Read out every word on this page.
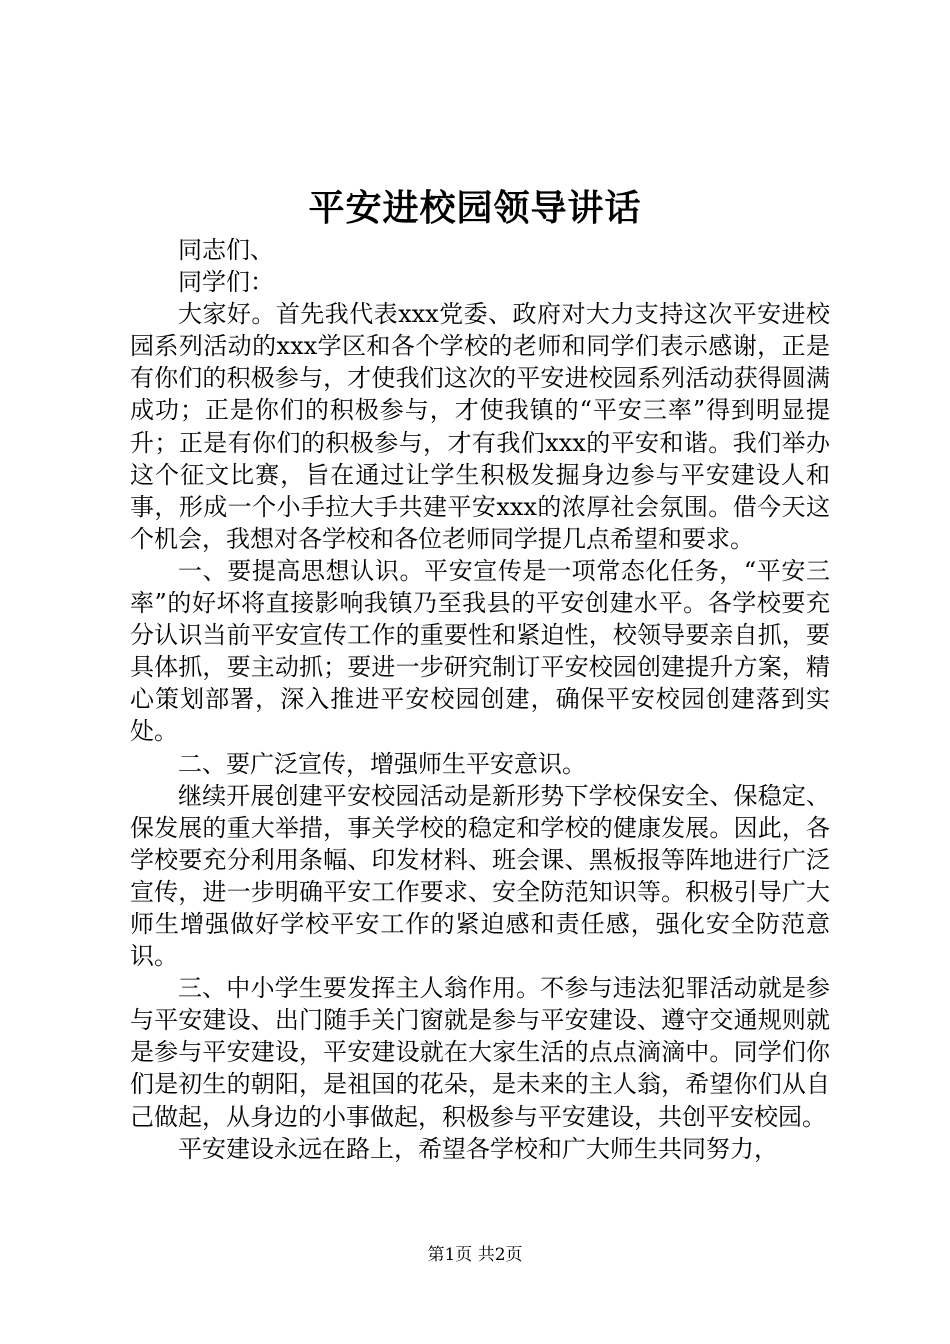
平安进校园领导讲话

同志们、

同学们：

大家好。首先我代表xxx党委、政府对大力支持这次平安进校园系列活动的xxx学区和各个学校的老师和同学们表示感谢，正是有你们的积极参与，才使我们这次的平安进校园系列活动获得圆满成功；正是你们的积极参与，才使我镇的“平安三率”得到明显提升；正是有你们的积极参与，才有我们xxx的平安和谐。我们举办这个征文比赛，旨在通过让学生积极发掘身边参与平安建设人和事，形成一个小手拉大手共建平安xxx的浓厚社会氛围。借今天这个机会，我想对各学校和各位老师同学提几点希望和要求。

一、要提高思想认识。平安宣传是一项常态化任务，“平安三率”的好坏将直接影响我镇乃至我县的平安创建水平。各学校要充分认识当前平安宣传工作的重要性和紧迫性，校领导要亲自抓，要具体抓，要主动抓；要进一步研究制订平安校园创建提升方案，精心策划部署，深入推进平安校园创建，确保平安校园创建落到实处。

二、要广泛宣传，增强师生平安意识。

继续开展创建平安校园活动是新形势下学校保安全、保稳定、保发展的重大举措，事关学校的稳定和学校的健康发展。因此，各学校要充分利用条幅、印发材料、班会课、黑板报等阵地进行广泛宣传，进一步明确平安工作要求、安全防范知识等。积极引导广大师生增强做好学校平安工作的紧迫感和责任感，强化安全防范意识。

三、中小学生要发挥主人翁作用。不参与违法犯罪活动就是参与平安建设、出门随手关门窗就是参与平安建设、遵守交通规则就是参与平安建设，平安建设就在大家生活的点点滴滴中。同学们你们是初生的朝阳，是祖国的花朵，是未来的主人翁，希望你们从自己做起，从身边的小事做起，积极参与平安建设，共创平安校园。

平安建设永远在路上，希望各学校和广大师生共同努力，

第1页 共2页
